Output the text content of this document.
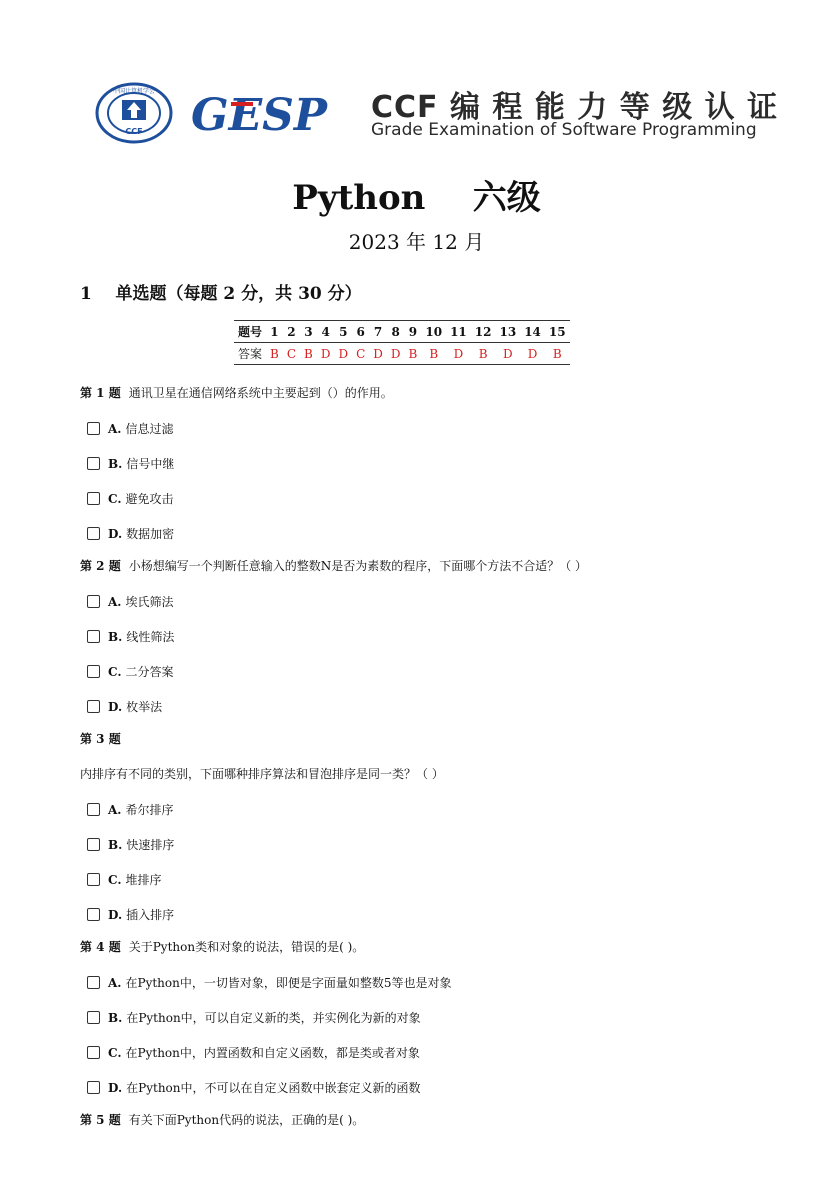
中国计算机学会
CCF GESP CCF 编 程 能 力 等 级 认 证
Grade Examination of Software Programming
Python    六级
2023 年 12 月
1    单选题（每题 2 分，共 30 分）
题号	1	2	3	4	5	6	7	8	9	10	11	12	13	14	15
答案	B	C	B	D	D	C	D	D	B	B	D	B	D	D	B
第 1 题 通讯卫星在通信网络系统中主要起到（）的作用。
A. 信息过滤
B. 信号中继
C. 避免攻击
D. 数据加密
第 2 题 小杨想编写一个判断任意输入的整数N是否为素数的程序，下面哪个方法不合适？（ ）
A. 埃氏筛法
B. 线性筛法
C. 二分答案
D. 枚举法
第 3 题
内排序有不同的类别，下面哪种排序算法和冒泡排序是同一类？（ ）
A. 希尔排序
B. 快速排序
C. 堆排序
D. 插入排序
第 4 题 关于Python类和对象的说法，错误的是( )。
A. 在Python中，一切皆对象，即便是字面量如整数5等也是对象
B. 在Python中，可以自定义新的类，并实例化为新的对象
C. 在Python中，内置函数和自定义函数，都是类或者对象
D. 在Python中，不可以在自定义函数中嵌套定义新的函数
第 5 题 有关下面Python代码的说法，正确的是( )。
